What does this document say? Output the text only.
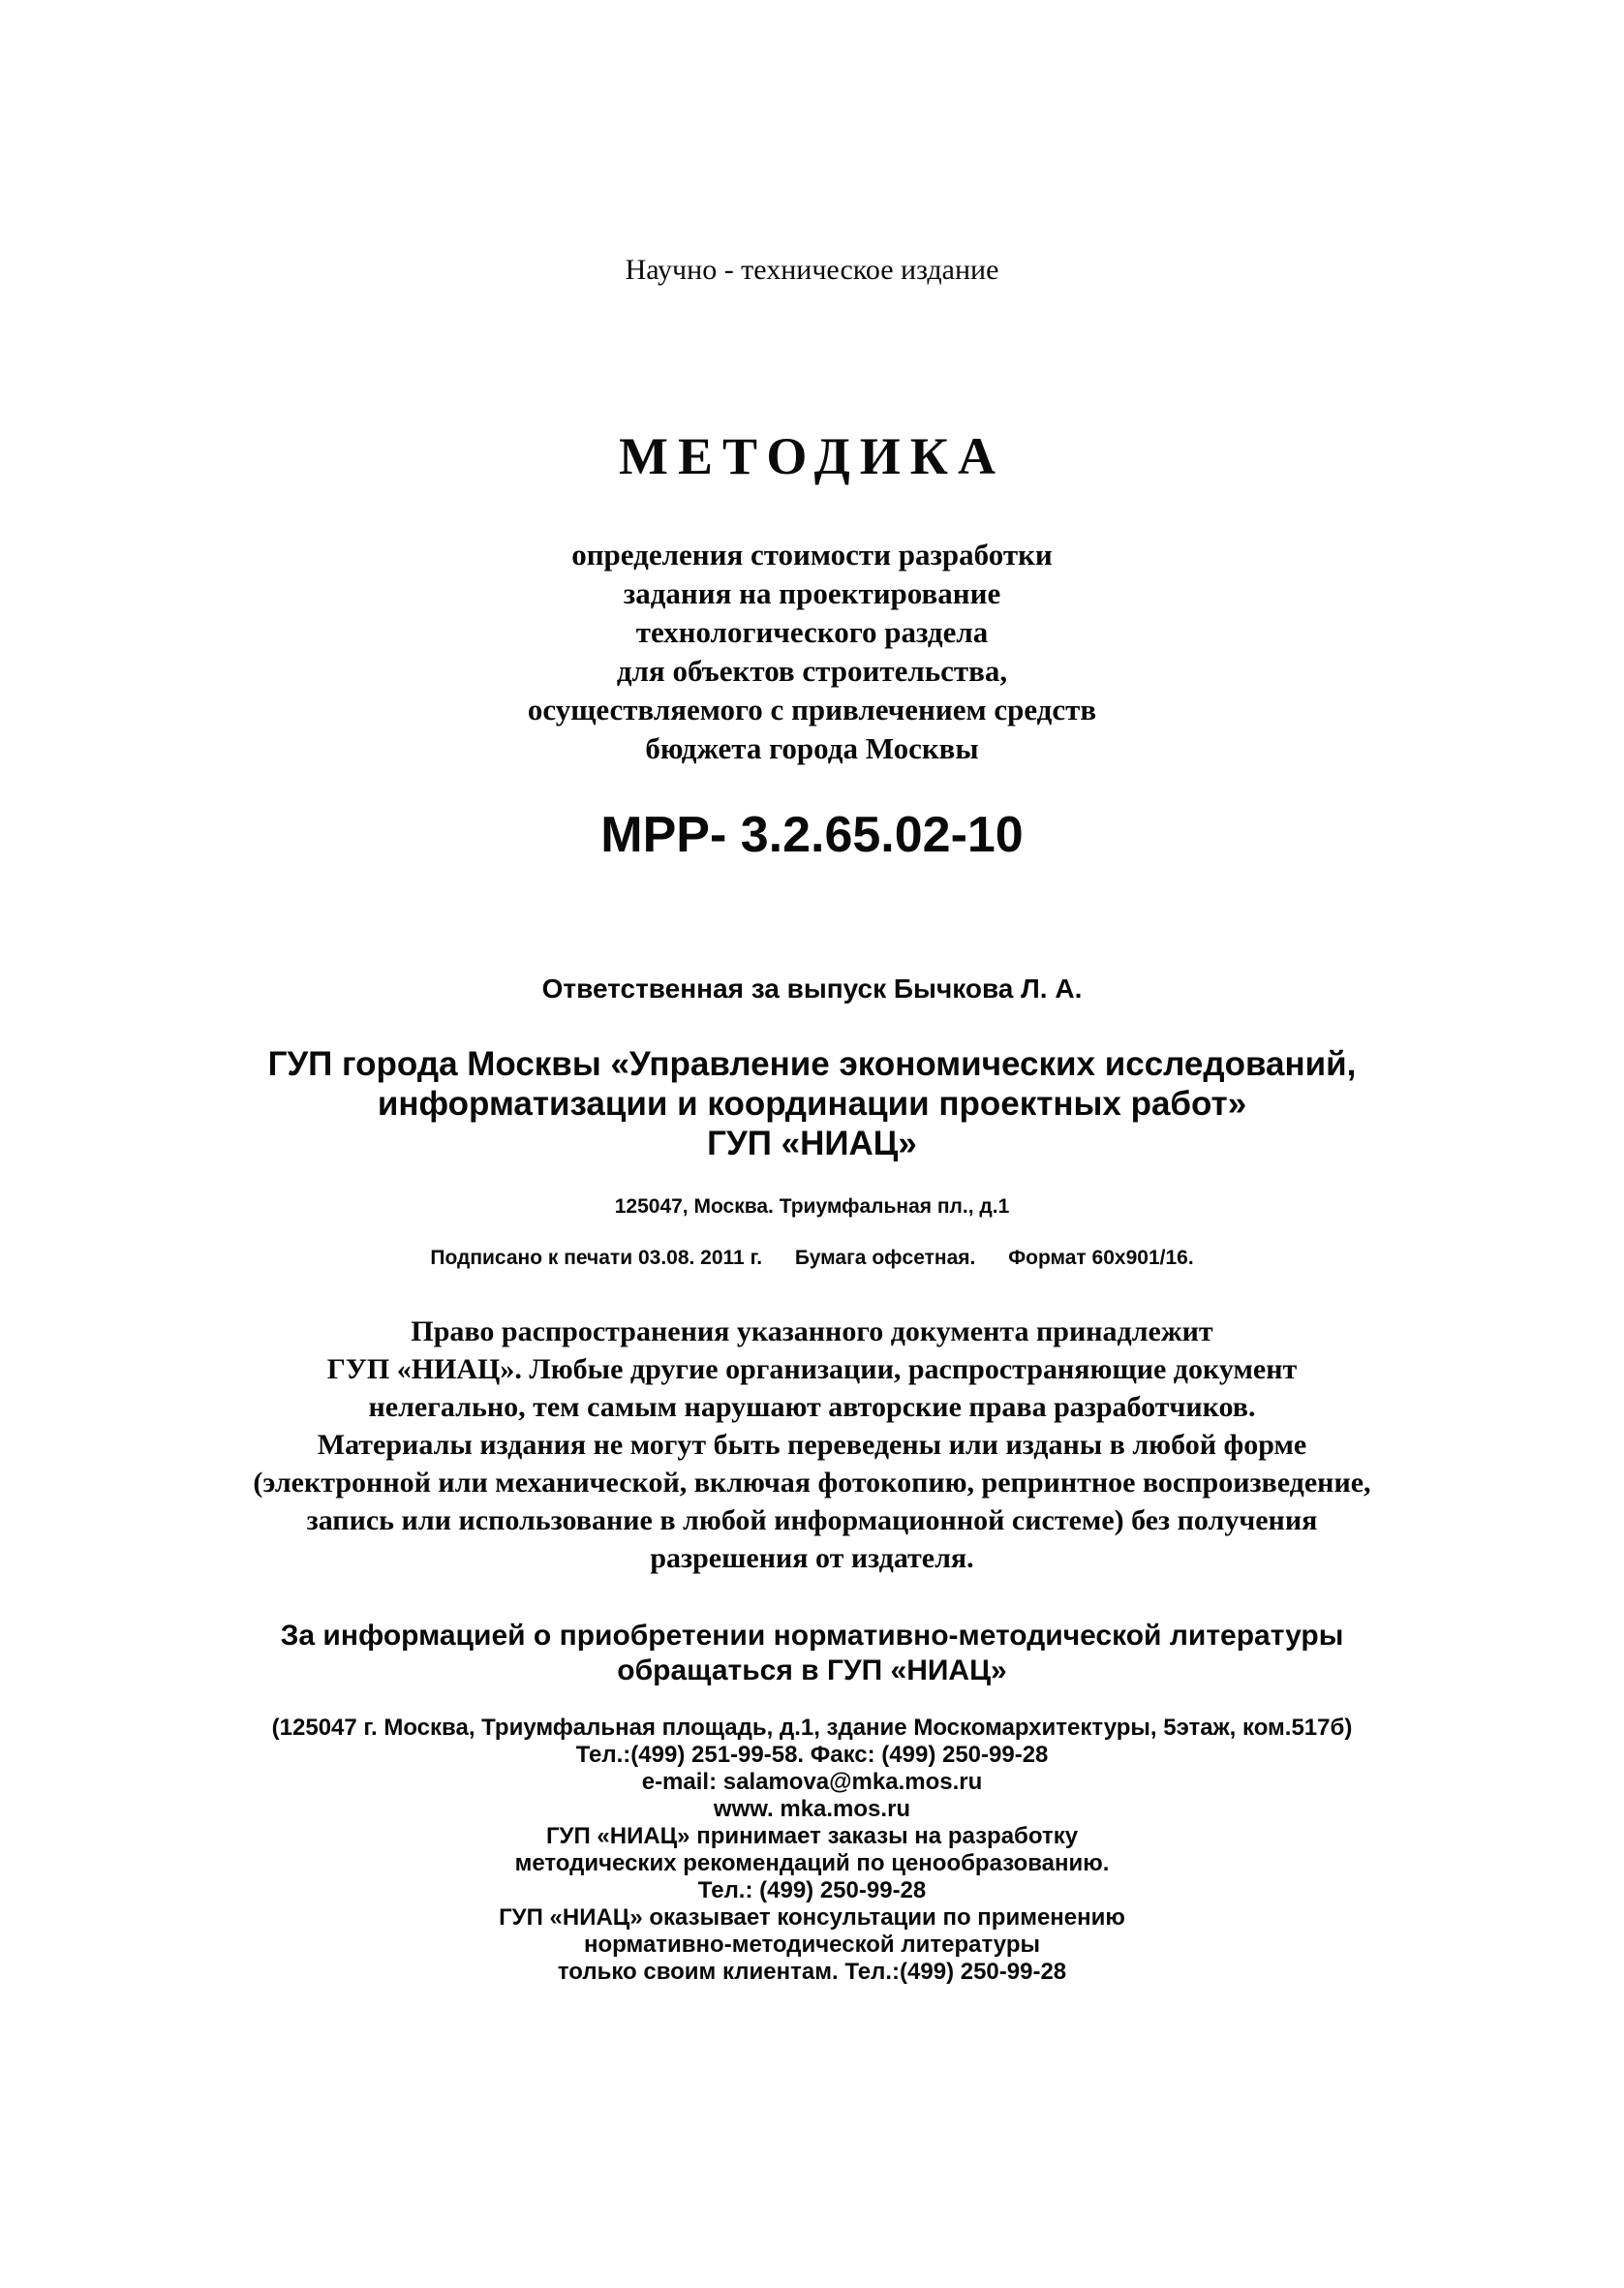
Научно - техническое издание
МЕТОДИКА
определения стоимости разработки
задания на проектирование
технологического раздела
для объектов строительства,
осуществляемого с привлечением средств
бюджета города Москвы
МРР- 3.2.65.02-10
Ответственная за выпуск Бычкова Л. А.
ГУП города Москвы «Управление экономических исследований,
информатизации и координации проектных работ»
ГУП «НИАЦ»
125047, Москва. Триумфальная пл., д.1
Подписано к печати 03.08. 2011 г. Бумага офсетная. Формат 60х901/16.
Право распространения указанного документа принадлежит
ГУП «НИАЦ». Любые другие организации, распространяющие документ
нелегально, тем самым нарушают авторские права разработчиков.
Материалы издания не могут быть переведены или изданы в любой форме
(электронной или механической, включая фотокопию, репринтное воспроизведение,
запись или использование в любой информационной системе) без получения
разрешения от издателя.
За информацией о приобретении нормативно-методической литературы
обращаться в ГУП «НИАЦ»
(125047 г. Москва, Триумфальная площадь, д.1, здание Москомархитектуры, 5этаж, ком.517б)
Тел.:(499) 251-99-58. Факс: (499) 250-99-28
e-mail: salamova@mka.mos.ru
www. mka.mos.ru
ГУП «НИАЦ» принимает заказы на разработку
методических рекомендаций по ценообразованию.
Тел.: (499) 250-99-28
ГУП «НИАЦ» оказывает консультации по применению
нормативно-методической литературы
только своим клиентам. Тел.:(499) 250-99-28
